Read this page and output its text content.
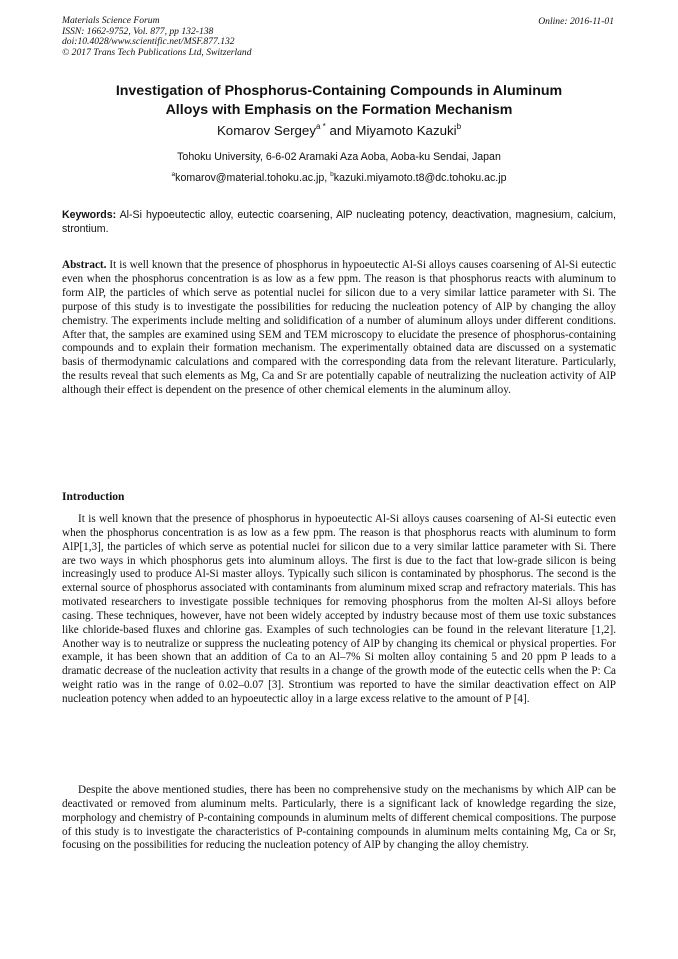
Materials Science Forum
ISSN: 1662-9752, Vol. 877, pp 132-138
doi:10.4028/www.scientific.net/MSF.877.132
© 2017 Trans Tech Publications Ltd, Switzerland
Online: 2016-11-01
Investigation of Phosphorus-Containing Compounds in Aluminum
Alloys with Emphasis on the Formation Mechanism
Komarov Sergey$^{a *}$ and Miyamoto Kazuki$^b$
Tohoku University, 6-6-02 Aramaki Aza Aoba, Aoba-ku Sendai, Japan
$^a$komarov@material.tohoku.ac.jp, $^b$kazuki.miyamoto.t8@dc.tohoku.ac.jp
Keywords: Al-Si hypoeutectic alloy, eutectic coarsening, AlP nucleating potency, deactivation, magnesium, calcium, strontium.
Abstract. It is well known that the presence of phosphorus in hypoeutectic Al-Si alloys causes coarsening of Al-Si eutectic even when the phosphorus concentration is as low as a few ppm. The reason is that phosphorus reacts with aluminum to form AlP, the particles of which serve as potential nuclei for silicon due to a very similar lattice parameter with Si. The purpose of this study is to investigate the possibilities for reducing the nucleation potency of AlP by changing the alloy chemistry. The experiments include melting and solidification of a number of aluminum alloys under different conditions. After that, the samples are examined using SEM and TEM microscopy to elucidate the presence of phosphorus-containing compounds and to explain their formation mechanism. The experimentally obtained data are discussed on a systematic basis of thermodynamic calculations and compared with the corresponding data from the relevant literature. Particularly, the results reveal that such elements as Mg, Ca and Sr are potentially capable of neutralizing the nucleation activity of AlP although their effect is dependent on the presence of other chemical elements in the aluminum alloy.
Introduction

It is well known that the presence of phosphorus in hypoeutectic Al-Si alloys causes coarsening of Al-Si eutectic even when the phosphorus concentration is as low as a few ppm. The reason is that phosphorus reacts with aluminum to form AlP[1,3], the particles of which serve as potential nuclei for silicon due to a very similar lattice parameter with Si. There are two ways in which phosphorus gets into aluminum alloys. The first is due to the fact that low-grade silicon is being increasingly used to produce Al-Si master alloys. Typically such silicon is contaminated by phosphorus. The second is the external source of phosphorus associated with contaminants from aluminum mixed scrap and refractory materials. This has motivated researchers to investigate possible techniques for removing phosphorus from the molten Al-Si alloys before casing. These techniques, however, have not been widely accepted by industry because most of them use toxic substances like chloride-based fluxes and chlorine gas. Examples of such technologies can be found in the relevant literature [1,2]. Another way is to neutralize or suppress the nucleating potency of AlP by changing its chemical or physical properties. For example, it has been shown that an addition of Ca to an Al–7% Si molten alloy containing 5 and 20 ppm P leads to a dramatic decrease of the nucleation activity that results in a change of the growth mode of the eutectic cells when the P: Ca weight ratio was in the range of 0.02–0.07 [3]. Strontium was reported to have the similar deactivation effect on AlP nucleation potency when added to an hypoeutectic alloy in a large excess relative to the amount of P [4].

Despite the above mentioned studies, there has been no comprehensive study on the mechanisms by which AlP can be deactivated or removed from aluminum melts. Particularly, there is a significant lack of knowledge regarding the size, morphology and chemistry of P-containing compounds in aluminum melts of different chemical compositions. The purpose of this study is to investigate the characteristics of P-containing compounds in aluminum melts containing Mg, Ca or Sr, focusing on the possibilities for reducing the nucleation potency of AlP by changing the alloy chemistry.
